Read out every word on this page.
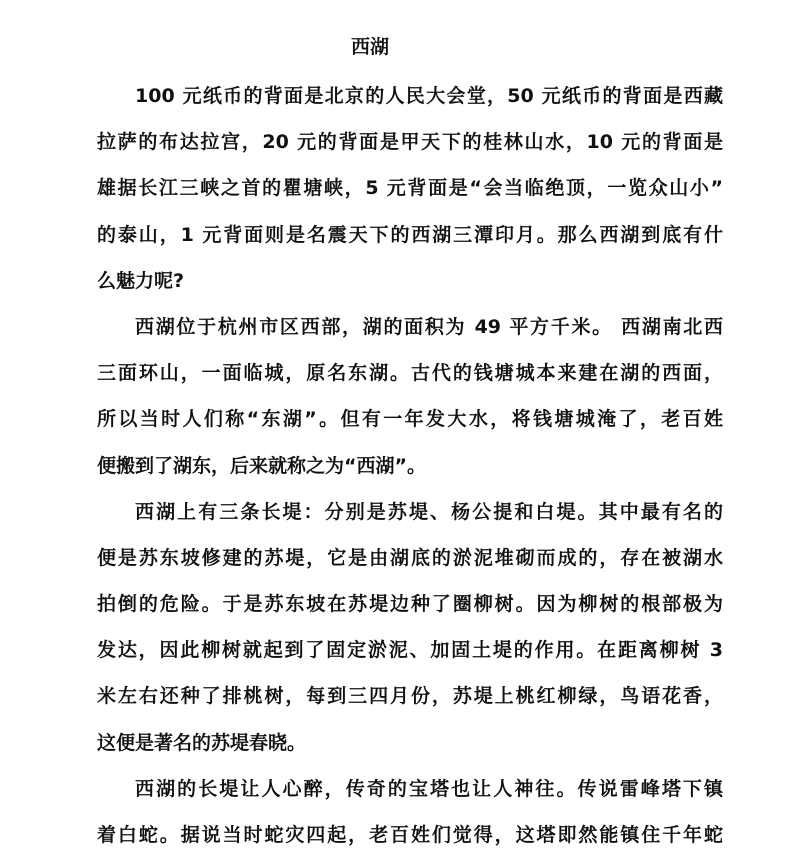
西湖
100 元纸币的背面是北京的人民大会堂，50 元纸币的背面是西藏
拉萨的布达拉宫，20 元的背面是甲天下的桂林山水，10 元的背面是
雄据长江三峡之首的瞿塘峡，5 元背面是“会当临绝顶，一览众山小”
的泰山，1 元背面则是名震天下的西湖三潭印月。那么西湖到底有什
么魅力呢?
西湖位于杭州市区西部，湖的面积为 49 平方千米。 西湖南北西
三面环山，一面临城，原名东湖。古代的钱塘城本来建在湖的西面，
所以当时人们称“东湖”。但有一年发大水，将钱塘城淹了，老百姓
便搬到了湖东，后来就称之为“西湖”。
西湖上有三条长堤：分别是苏堤、杨公提和白堤。其中最有名的
便是苏东坡修建的苏堤，它是由湖底的淤泥堆砌而成的，存在被湖水
拍倒的危险。于是苏东坡在苏堤边种了圈柳树。因为柳树的根部极为
发达，因此柳树就起到了固定淤泥、加固土堤的作用。在距离柳树 3
米左右还种了排桃树，每到三四月份，苏堤上桃红柳绿，鸟语花香，
这便是著名的苏堤春晓。
西湖的长堤让人心醉，传奇的宝塔也让人神往。传说雷峰塔下镇
着白蛇。据说当时蛇灾四起，老百姓们觉得，这塔即然能镇住千年蛇
